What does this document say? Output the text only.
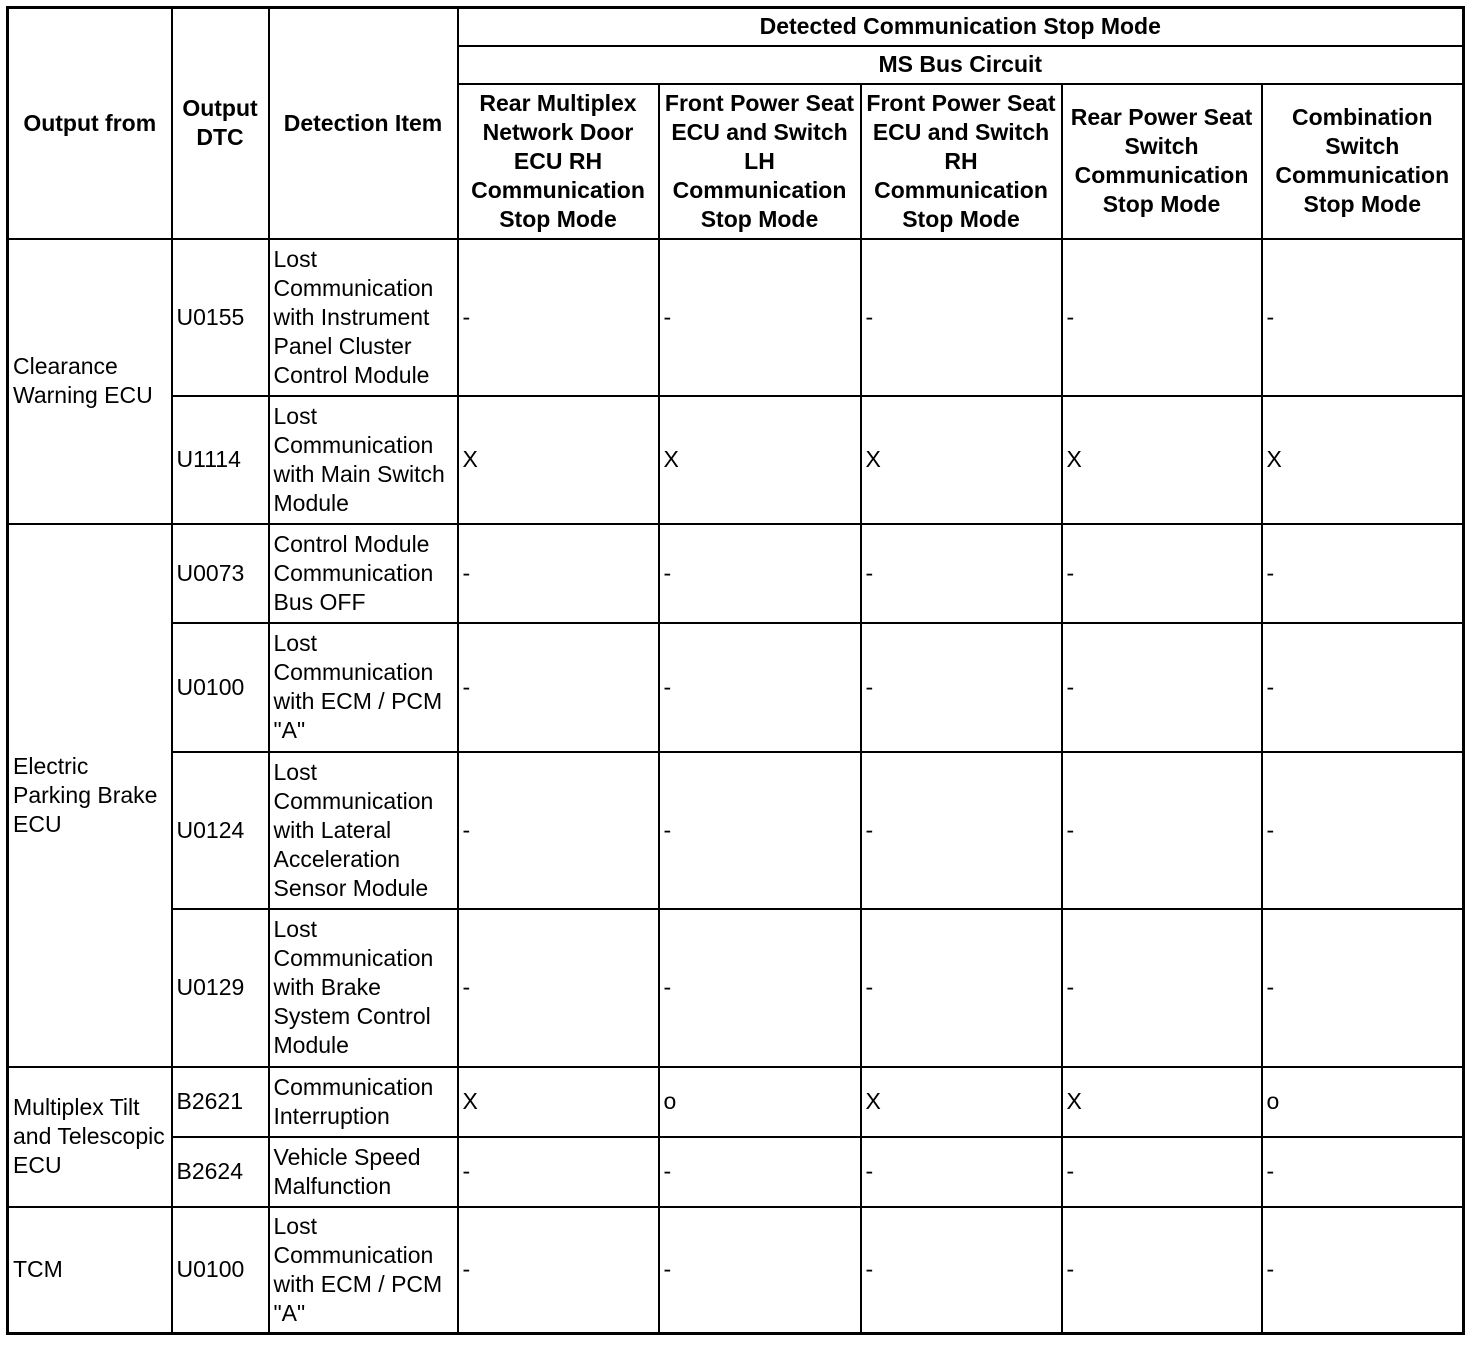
Output from	Output DTC	Detection Item	Detected Communication Stop Mode				
			MS Bus Circuit				
			Rear Multiplex Network Door ECU RH Communication Stop Mode	Front Power Seat ECU and Switch LH Communication Stop Mode	Front Power Seat ECU and Switch RH Communication Stop Mode	Rear Power Seat Switch Communication Stop Mode	Combination Switch Communication Stop Mode
Clearance Warning ECU	U0155	Lost Communication with Instrument Panel Cluster Control Module	-	-	-	-	-
	U1114	Lost Communication with Main Switch Module	X	X	X	X	X
Electric Parking Brake ECU	U0073	Control Module Communication Bus OFF	-	-	-	-	-
	U0100	Lost Communication with ECM / PCM "A"	-	-	-	-	-
	U0124	Lost Communication with Lateral Acceleration Sensor Module	-	-	-	-	-
	U0129	Lost Communication with Brake System Control Module	-	-	-	-	-
Multiplex Tilt and Telescopic ECU	B2621	Communication Interruption	X	o	X	X	o
	B2624	Vehicle Speed Malfunction	-	-	-	-	-
TCM	U0100	Lost Communication with ECM / PCM "A"	-	-	-	-	-
